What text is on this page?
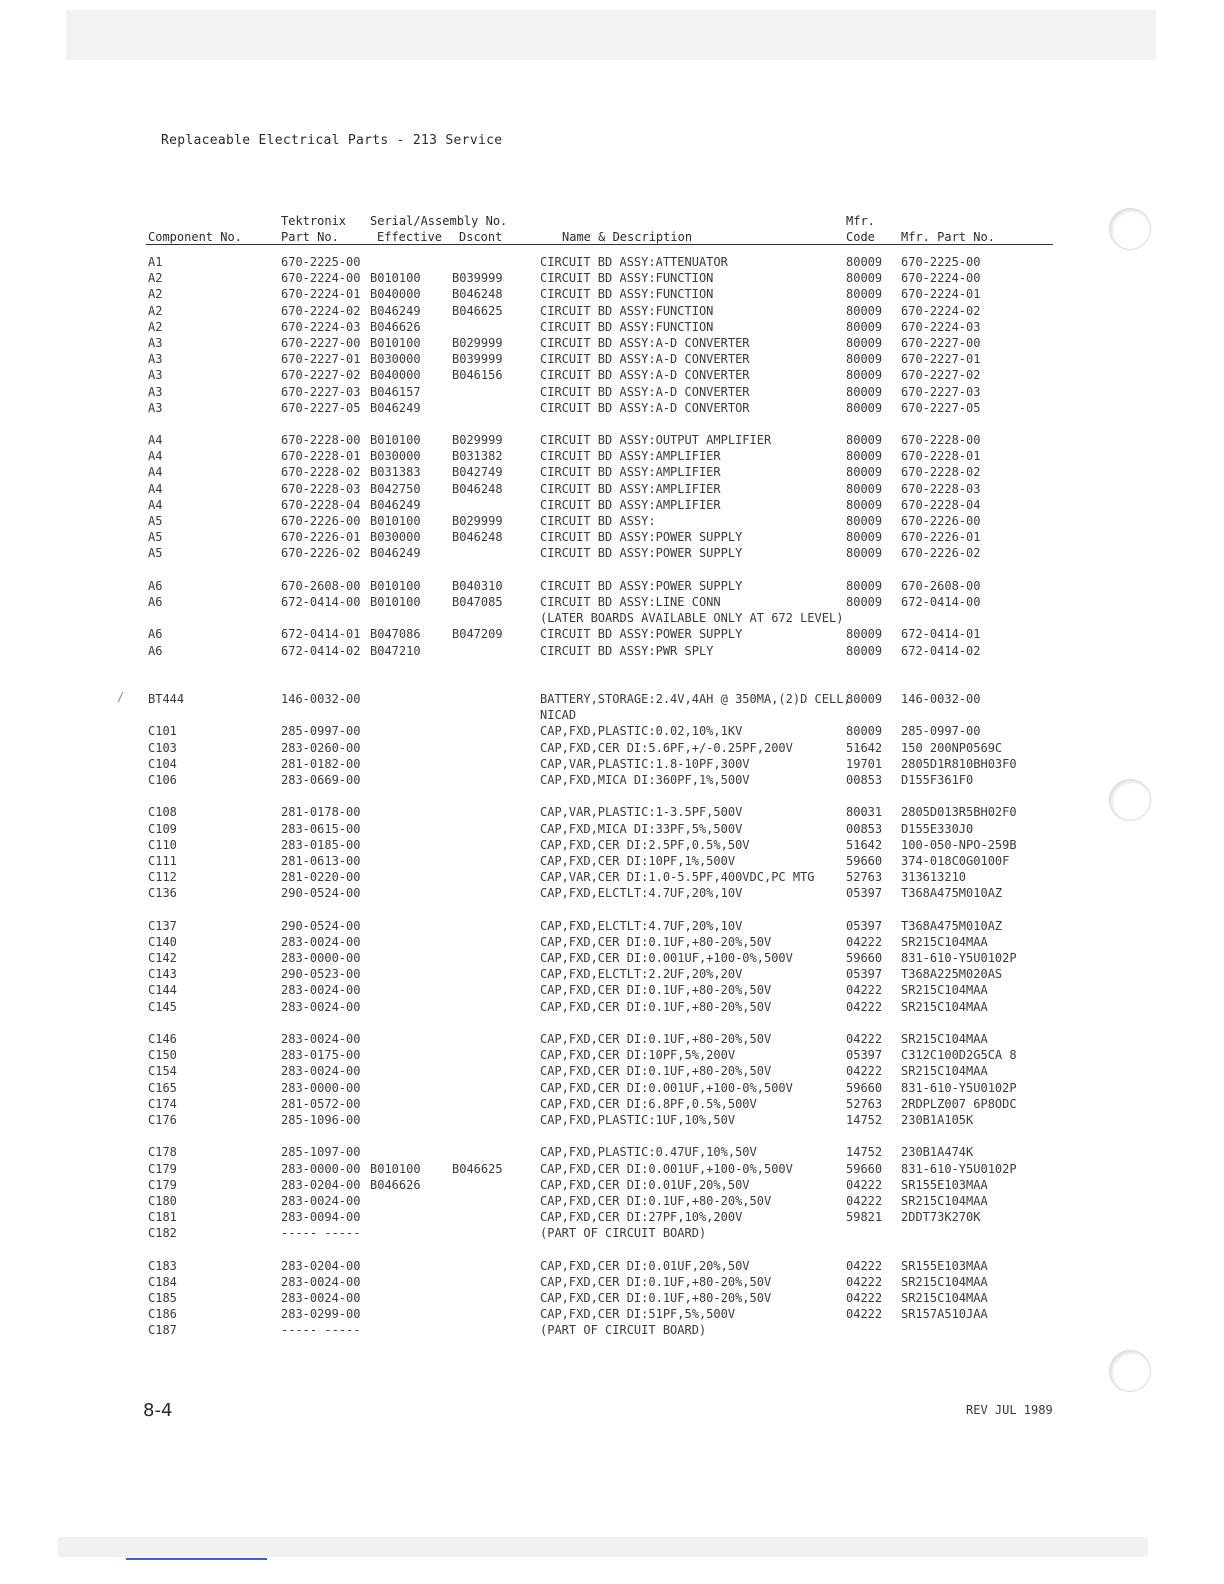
Replaceable Electrical Parts - 213 Service
Component No.
Tektronix
Part No.
Serial/Assembly No.
Effective Dscont	Name & Description
Mfr.
Code Mfr. Part No.
A1
A2
A2
A2
A2
A3
A3
A3
A3
A3
A4
A4
A4
A4
A4
A5
A5
A5
A6
A6
A6
A6
BT444
C101
C103
C104
C106
C108
C109
C110
C111
C112
C136
C137
C140
C142
C143
C144
C145
C146
C150
C154
C165
C174
C176
C178
C179
C179
C180
C181
C182
C183
C184
C185
C186
C187
670-2225-00
670-2224-00
670-2224-01
670-2224-02
670-2224-03
670-2227-00
670-2227-01
670-2227-02
670-2227-03
670-2227-05
670-2228-00
670-2228-01
670-2228-02
670-2228-03
670-2228-04
670-2226-00
670-2226-01
670-2226-02
670-2608-00
672-0414-00
672-0414-01
672-0414-02
146-0032-00
285-0997-00
283-0260-00
281-0182-00
283-0669-00
281-0178-00
283-0615-00
283-0185-00
281-0613-00
281-0220-00
290-0524-00
290-0524-00
283-0024-00
283-0000-00
290-0523-00
283-0024-00
283-0024-00
283-0024-00
283-0175-00
283-0024-00
283-0000-00
281-0572-00
285-1096-00
285-1097-00
283-0000-00
283-0204-00
283-0024-00
283-0094-00
----- -----
283-0204-00
283-0024-00
283-0024-00
283-0299-00
----- -----
B010100
B040000
B046249
B046626
B010100
B030000
B040000
B046157
B046249
B010100
B030000
B031383
B042750
B046249
B010100
B030000
B046249
B010100
B010100
B047086
B047210
B010100
B046626
B039999
B046248
B046625
B029999
B039999
B046156
B029999
B031382
B042749
B046248
B029999
B046248
B040310
B047085
B047209
B046625
CIRCUIT BD ASSY:ATTENUATOR
CIRCUIT BD ASSY:FUNCTION
CIRCUIT BD ASSY:FUNCTION
CIRCUIT BD ASSY:FUNCTION
CIRCUIT BD ASSY:FUNCTION
CIRCUIT BD ASSY:A-D CONVERTER
CIRCUIT BD ASSY:A-D CONVERTER
CIRCUIT BD ASSY:A-D CONVERTER
CIRCUIT BD ASSY:A-D CONVERTER
CIRCUIT BD ASSY:A-D CONVERTOR
CIRCUIT BD ASSY:OUTPUT AMPLIFIER
CIRCUIT BD ASSY:AMPLIFIER
CIRCUIT BD ASSY:AMPLIFIER
CIRCUIT BD ASSY:AMPLIFIER
CIRCUIT BD ASSY:AMPLIFIER
CIRCUIT BD ASSY:
CIRCUIT BD ASSY:POWER SUPPLY
CIRCUIT BD ASSY:POWER SUPPLY
CIRCUIT BD ASSY:POWER SUPPLY
CIRCUIT BD ASSY:LINE CONN
(LATER BOARDS AVAILABLE ONLY AT 672 LEVEL)
CIRCUIT BD ASSY:POWER SUPPLY
CIRCUIT BD ASSY:PWR SPLY
BATTERY,STORAGE:2.4V,4AH @ 350MA,(2)D CELL,
NICAD
CAP,FXD,PLASTIC:0.02,10%,1KV
CAP,FXD,CER DI:5.6PF,+/-0.25PF,200V
CAP,VAR,PLASTIC:1.8-10PF,300V
CAP,FXD,MICA DI:360PF,1%,500V
CAP,VAR,PLASTIC:1-3.5PF,500V
CAP,FXD,MICA DI:33PF,5%,500V
CAP,FXD,CER DI:2.5PF,0.5%,50V
CAP,FXD,CER DI:10PF,1%,500V
CAP,VAR,CER DI:1.0-5.5PF,400VDC,PC MTG
CAP,FXD,ELCTLT:4.7UF,20%,10V
CAP,FXD,ELCTLT:4.7UF,20%,10V
CAP,FXD,CER DI:0.1UF,+80-20%,50V
CAP,FXD,CER DI:0.001UF,+100-0%,500V
CAP,FXD,ELCTLT:2.2UF,20%,20V
CAP,FXD,CER DI:0.1UF,+80-20%,50V
CAP,FXD,CER DI:0.1UF,+80-20%,50V
CAP,FXD,CER DI:0.1UF,+80-20%,50V
CAP,FXD,CER DI:10PF,5%,200V
CAP,FXD,CER DI:0.1UF,+80-20%,50V
CAP,FXD,CER DI:0.001UF,+100-0%,500V
CAP,FXD,CER DI:6.8PF,0.5%,500V
CAP,FXD,PLASTIC:1UF,10%,50V
CAP,FXD,PLASTIC:0.47UF,10%,50V
CAP,FXD,CER DI:0.001UF,+100-0%,500V
CAP,FXD,CER DI:0.01UF,20%,50V
CAP,FXD,CER DI:0.1UF,+80-20%,50V
CAP,FXD,CER DI:27PF,10%,200V
(PART OF CIRCUIT BOARD)
CAP,FXD,CER DI:0.01UF,20%,50V
CAP,FXD,CER DI:0.1UF,+80-20%,50V
CAP,FXD,CER DI:0.1UF,+80-20%,50V
CAP,FXD,CER DI:51PF,5%,500V
(PART OF CIRCUIT BOARD)
80009
80009
80009
80009
80009
80009
80009
80009
80009
80009
80009
80009
80009
80009
80009
80009
80009
80009
80009
80009
80009
80009
80009
80009
51642
19701
00853
80031
00853
51642
59660
52763
05397
05397
04222
59660
05397
04222
04222
04222
05397
04222
59660
52763
14752
14752
59660
04222
04222
59821
04222
04222
04222
04222
670-2225-00
670-2224-00
670-2224-01
670-2224-02
670-2224-03
670-2227-00
670-2227-01
670-2227-02
670-2227-03
670-2227-05
670-2228-00
670-2228-01
670-2228-02
670-2228-03
670-2228-04
670-2226-00
670-2226-01
670-2226-02
670-2608-00
672-0414-00
672-0414-01
672-0414-02
146-0032-00
285-0997-00
150 200NP0569C
2805D1R810BH03F0
D155F361F0
2805D013R5BH02F0
D155E330J0
100-050-NPO-259B
374-018C0G0100F
313613210
T368A475M010AZ
T368A475M010AZ
SR215C104MAA
831-610-Y5U0102P
T368A225M020AS
SR215C104MAA
SR215C104MAA
SR215C104MAA
C312C100D2G5CA 8
SR215C104MAA
831-610-Y5U0102P
2RDPLZ007 6P8ODC
230B1A105K
230B1A474K
831-610-Y5U0102P
SR155E103MAA
SR215C104MAA
2DDT73K270K
SR155E103MAA
SR215C104MAA
SR215C104MAA
SR157A510JAA
/
8-4	REV JUL 1989
